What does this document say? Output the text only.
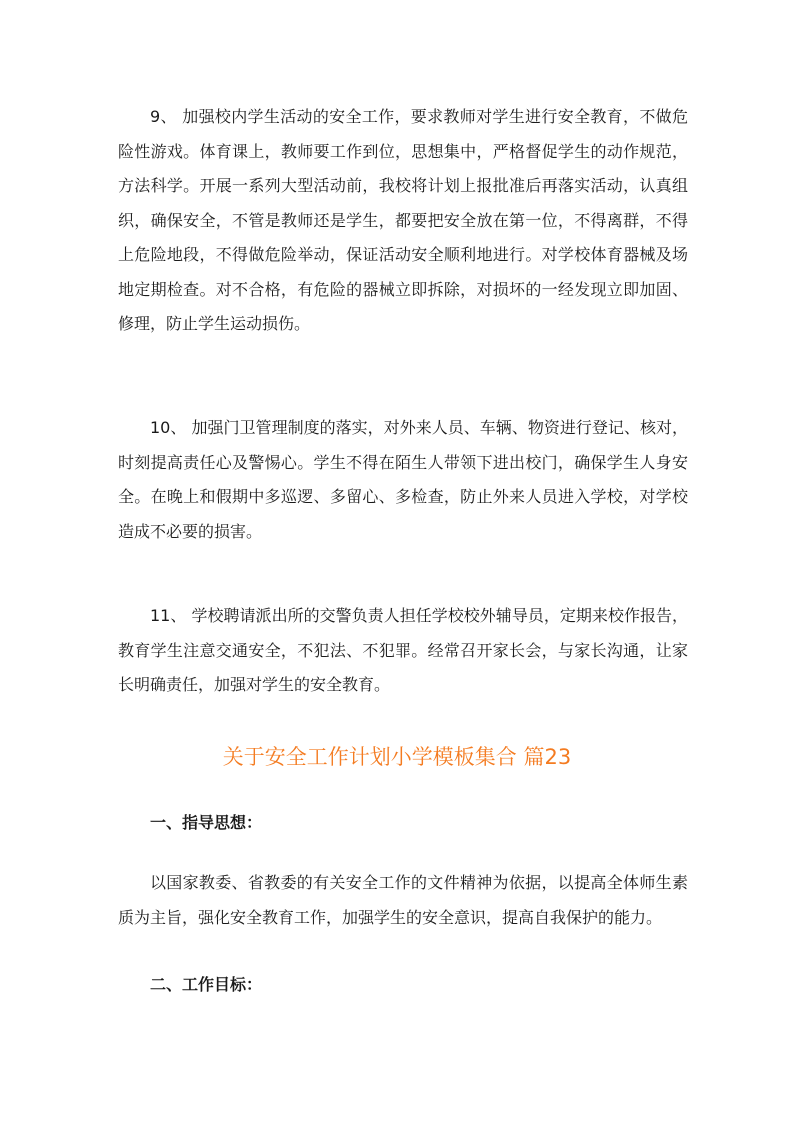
9、 加强校内学生活动的安全工作，要求教师对学生进行安全教育，不做危险性游戏。体育课上，教师要工作到位，思想集中，严格督促学生的动作规范，方法科学。开展一系列大型活动前，我校将计划上报批准后再落实活动，认真组织，确保安全，不管是教师还是学生，都要把安全放在第一位，不得离群，不得上危险地段，不得做危险举动，保证活动安全顺利地进行。对学校体育器械及场地定期检查。对不合格，有危险的器械立即拆除，对损坏的一经发现立即加固、修理，防止学生运动损伤。

10、 加强门卫管理制度的落实，对外来人员、车辆、物资进行登记、核对，时刻提高责任心及警惕心。学生不得在陌生人带领下进出校门，确保学生人身安全。在晚上和假期中多巡逻、多留心、多检查，防止外来人员进入学校，对学校造成不必要的损害。

11、 学校聘请派出所的交警负责人担任学校校外辅导员，定期来校作报告，教育学生注意交通安全，不犯法、不犯罪。经常召开家长会，与家长沟通，让家长明确责任，加强对学生的安全教育。

关于安全工作计划小学模板集合 篇23

一、指导思想：

以国家教委、省教委的有关安全工作的文件精神为依据，以提高全体师生素质为主旨，强化安全教育工作，加强学生的安全意识，提高自我保护的能力。

二、工作目标：
